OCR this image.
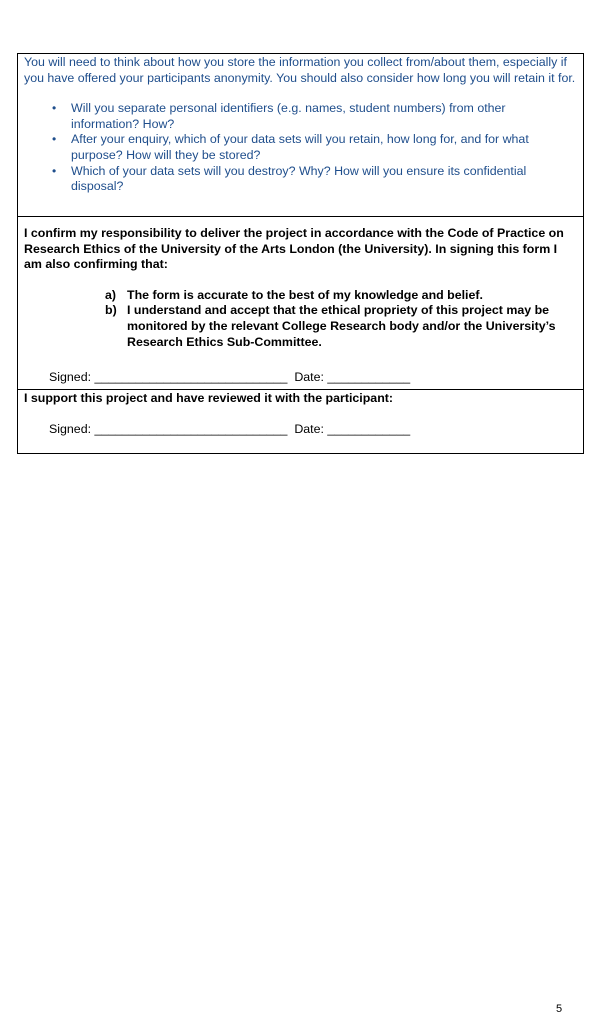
You will need to think about how you store the information you collect from/about them, especially if you have offered your participants anonymity. You should also consider how long you will retain it for.

• Will you separate personal identifiers (e.g. names, student numbers) from other information? How?
• After your enquiry, which of your data sets will you retain, how long for, and for what purpose? How will they be stored?
• Which of your data sets will you destroy? Why? How will you ensure its confidential disposal?

I confirm my responsibility to deliver the project in accordance with the Code of Practice on Research Ethics of the University of the Arts London (the University). In signing this form I am also confirming that:

a) The form is accurate to the best of my knowledge and belief.
b) I understand and accept that the ethical propriety of this project may be monitored by the relevant College Research body and/or the University’s Research Ethics Sub-Committee.
Signed: ____________________________ Date: ____________

I support this project and have reviewed it with the participant:

Signed: ____________________________ Date: ____________
5
